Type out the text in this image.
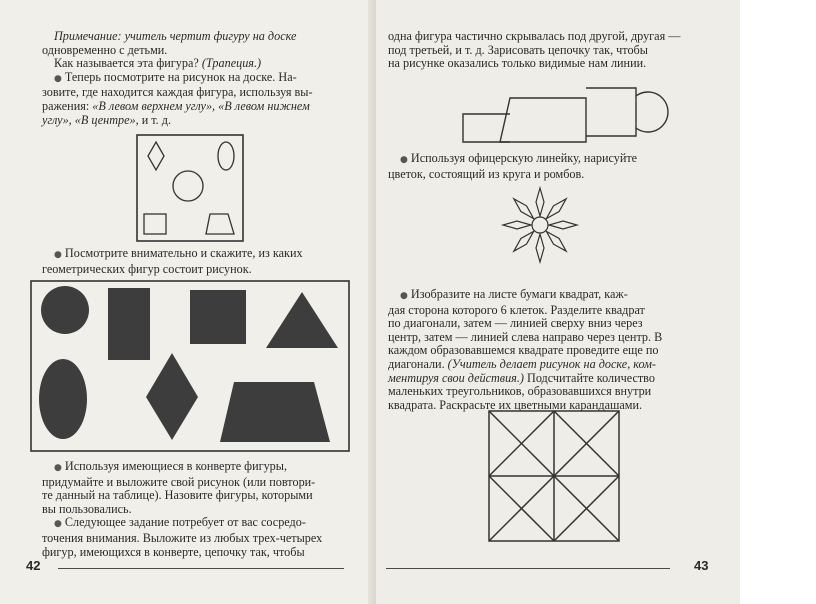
Примечание: учитель чертит фигуру на доске

одновременно с детьми.

Как называется эта фигура? (Трапеция.)

● Теперь посмотрите на рисунок на доске. На-

зовите, где находится каждая фигура, используя вы-

ражения: «В левом верхнем углу», «В левом нижнем

углу», «В центре», и т. д.

● Посмотрите внимательно и скажите, из каких

геометрических фигур состоит рисунок.

● Используя имеющиеся в конверте фигуры,

придумайте и выложите свой рисунок (или повтори-

те данный на таблице). Назовите фигуры, которыми

вы пользовались.

● Следующее задание потребует от вас сосредо-

точения внимания. Выложите из любых трех-четырех

фигур, имеющихся в конверте, цепочку так, чтобы

42

одна фигура частично скрывалась под другой, другая —

под третьей, и т. д. Зарисовать цепочку так, чтобы

на рисунке оказались только видимые нам линии.

● Используя офицерскую линейку, нарисуйте

цветок, состоящий из круга и ромбов.

● Изобразите на листе бумаги квадрат, каж-

дая сторона которого 6 клеток. Разделите квадрат

по диагонали, затем — линией сверху вниз через

центр, затем — линией слева направо через центр. В

каждом образовавшемся квадрате проведите еще по

диагонали. (Учитель делает рисунок на доске, ком-

ментируя свои действия.) Подсчитайте количество

маленьких треугольников, образовавшихся внутри

квадрата. Раскрасьте их цветными карандашами.

43
